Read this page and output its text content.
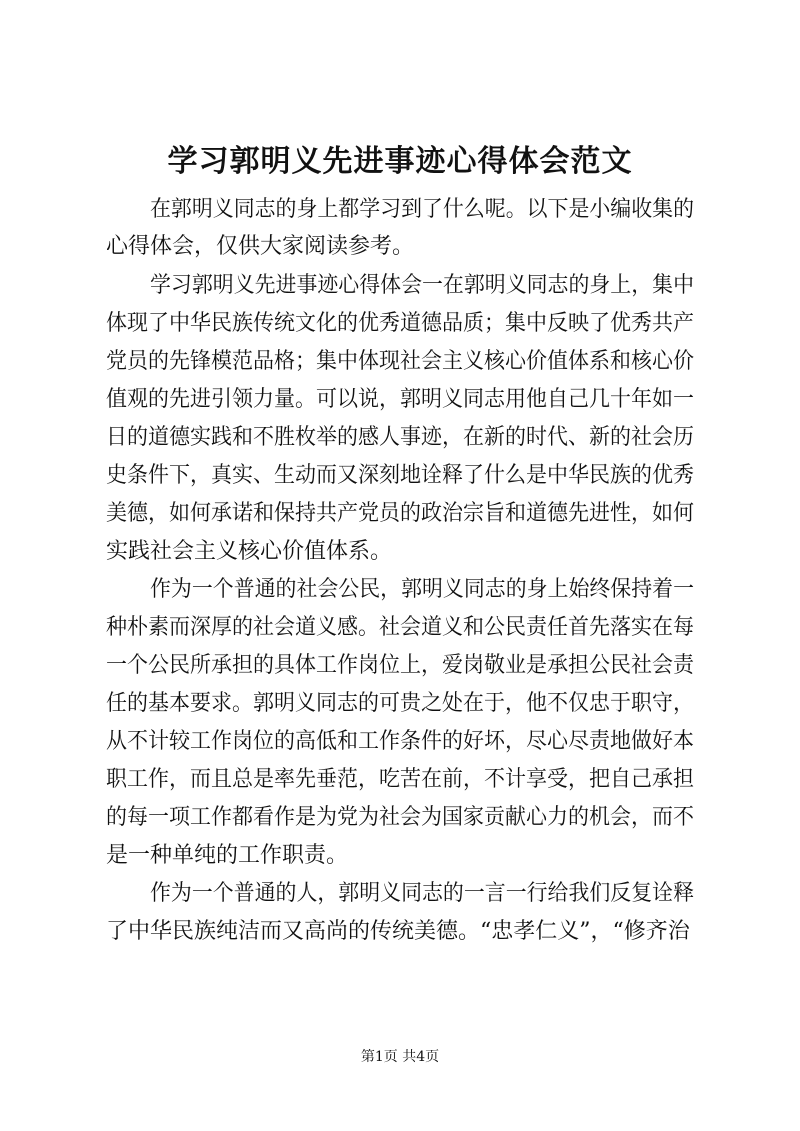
学习郭明义先进事迹心得体会范文
在郭明义同志的身上都学习到了什么呢。以下是小编收集的
心得体会，仅供大家阅读参考。
学习郭明义先进事迹心得体会一在郭明义同志的身上，集中
体现了中华民族传统文化的优秀道德品质；集中反映了优秀共产
党员的先锋模范品格；集中体现社会主义核心价值体系和核心价
值观的先进引领力量。可以说，郭明义同志用他自己几十年如一
日的道德实践和不胜枚举的感人事迹，在新的时代、新的社会历
史条件下，真实、生动而又深刻地诠释了什么是中华民族的优秀
美德，如何承诺和保持共产党员的政治宗旨和道德先进性，如何
实践社会主义核心价值体系。
作为一个普通的社会公民，郭明义同志的身上始终保持着一
种朴素而深厚的社会道义感。社会道义和公民责任首先落实在每
一个公民所承担的具体工作岗位上，爱岗敬业是承担公民社会责
任的基本要求。郭明义同志的可贵之处在于，他不仅忠于职守，
从不计较工作岗位的高低和工作条件的好坏，尽心尽责地做好本
职工作，而且总是率先垂范，吃苦在前，不计享受，把自己承担
的每一项工作都看作是为党为社会为国家贡献心力的机会，而不
是一种单纯的工作职责。
作为一个普通的人，郭明义同志的一言一行给我们反复诠释
了中华民族纯洁而又高尚的传统美德。“忠孝仁义”，“修齐治
第1页 共4页
